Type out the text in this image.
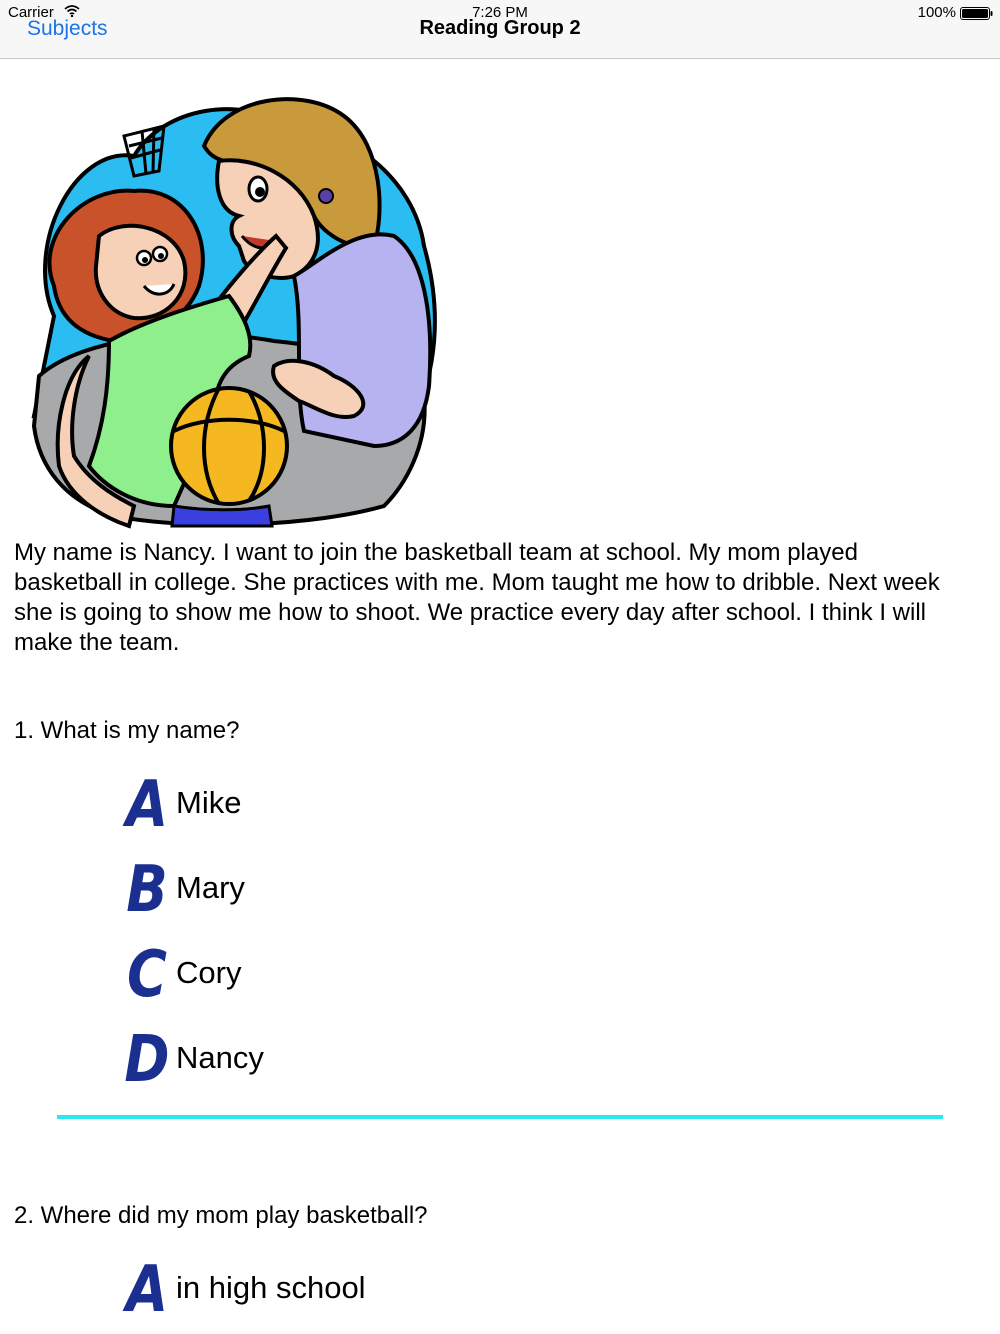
Subjects	Reading Group 2
Carrier	7:26 PM	100%

My name is Nancy. I want to join the basketball team at school. My mom played basketball in college. She practices with me. Mom taught me how to dribble. Next week she is going to show me how to shoot. We practice every day after school. I think I will make the team.

1. What is my name?

A Mike
B Mary
C Cory
D Nancy

2. Where did my mom play basketball?

A in high school
